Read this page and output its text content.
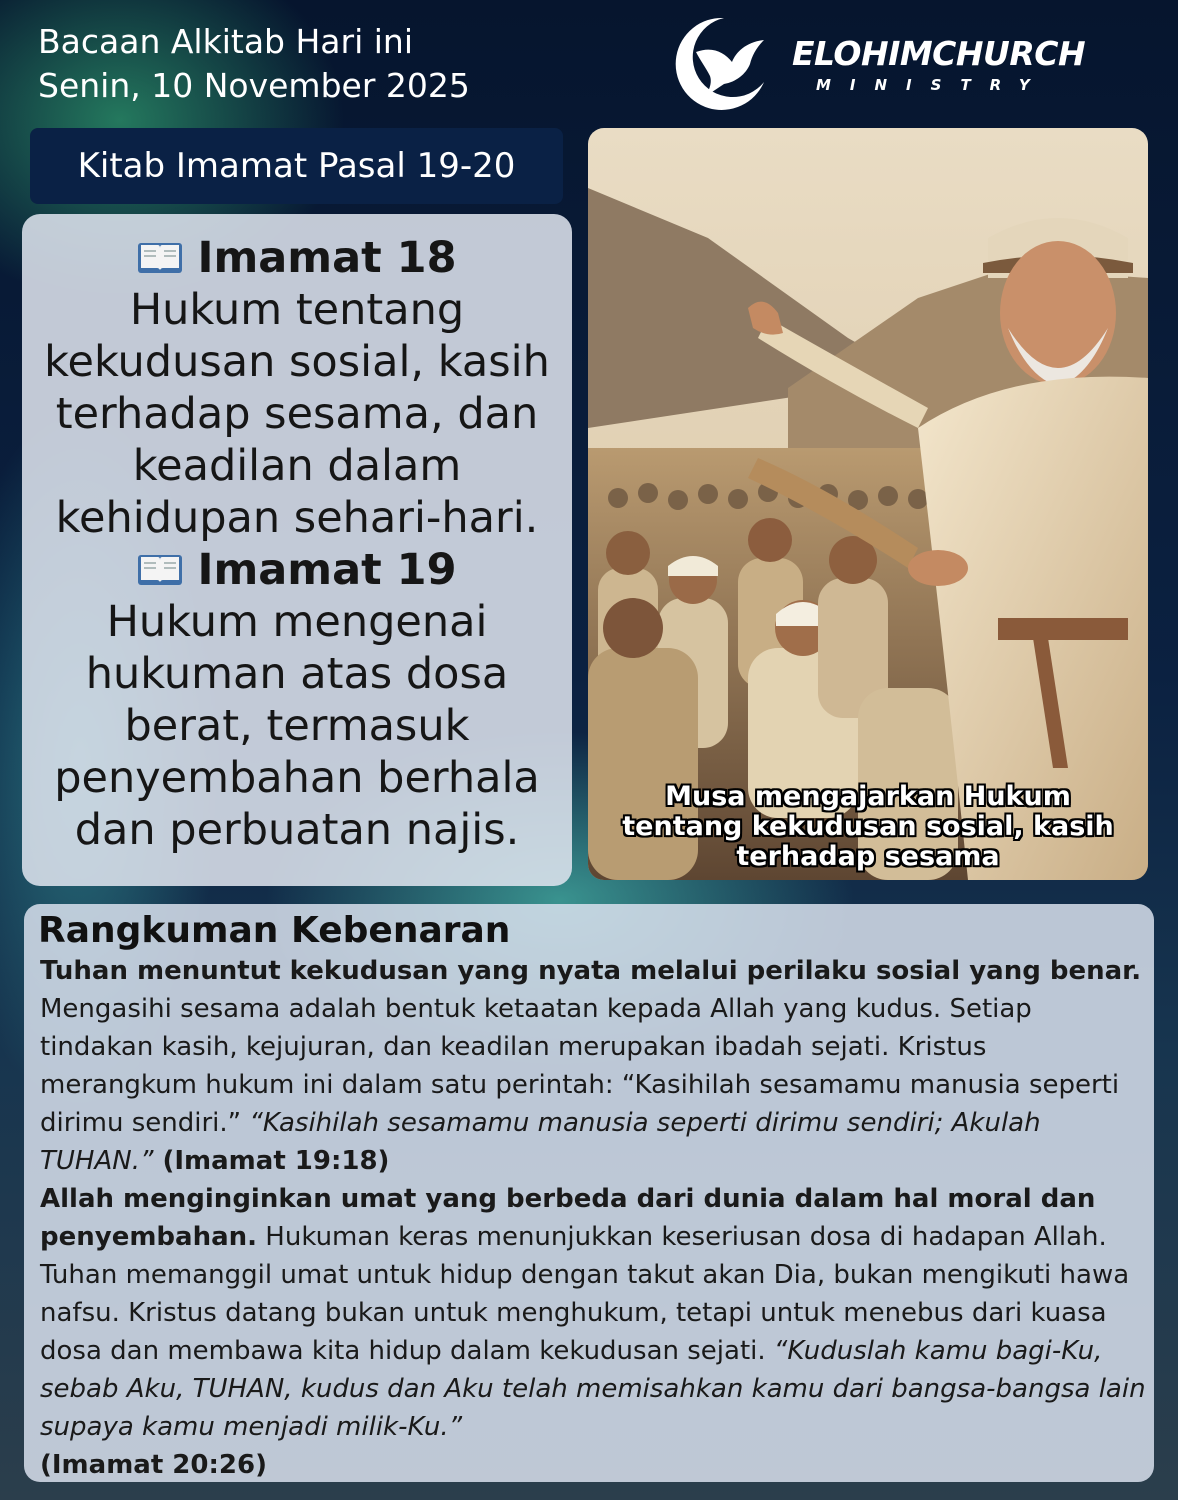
Bacaan Alkitab Hari ini
Senin, 10 November 2025
ELOHIMCHURCH
MINISTRY
Kitab Imamat Pasal 19-20
Imamat 18
Hukum tentang kekudusan sosial, kasih terhadap sesama, dan keadilan dalam kehidupan sehari-hari.
Imamat 19
Hukum mengenai hukuman atas dosa berat, termasuk penyembahan berhala dan perbuatan najis.
Musa mengajarkan Hukum tentang kekudusan sosial, kasih terhadap sesama
Rangkuman Kebenaran

Tuhan menuntut kekudusan yang nyata melalui perilaku sosial yang benar. Mengasihi sesama adalah bentuk ketaatan kepada Allah yang kudus. Setiap tindakan kasih, kejujuran, dan keadilan merupakan ibadah sejati. Kristus merangkum hukum ini dalam satu perintah: “Kasihilah sesamamu manusia seperti dirimu sendiri.” “Kasihilah sesamamu manusia seperti dirimu sendiri; Akulah TUHAN.” (Imamat 19:18)

Allah menginginkan umat yang berbeda dari dunia dalam hal moral dan penyembahan. Hukuman keras menunjukkan keseriusan dosa di hadapan Allah. Tuhan memanggil umat untuk hidup dengan takut akan Dia, bukan mengikuti hawa nafsu. Kristus datang bukan untuk menghukum, tetapi untuk menebus dari kuasa dosa dan membawa kita hidup dalam kekudusan sejati. “Kuduslah kamu bagi-Ku, sebab Aku, TUHAN, kudus dan Aku telah memisahkan kamu dari bangsa-bangsa lain supaya kamu menjadi milik-Ku.”
(Imamat 20:26)
